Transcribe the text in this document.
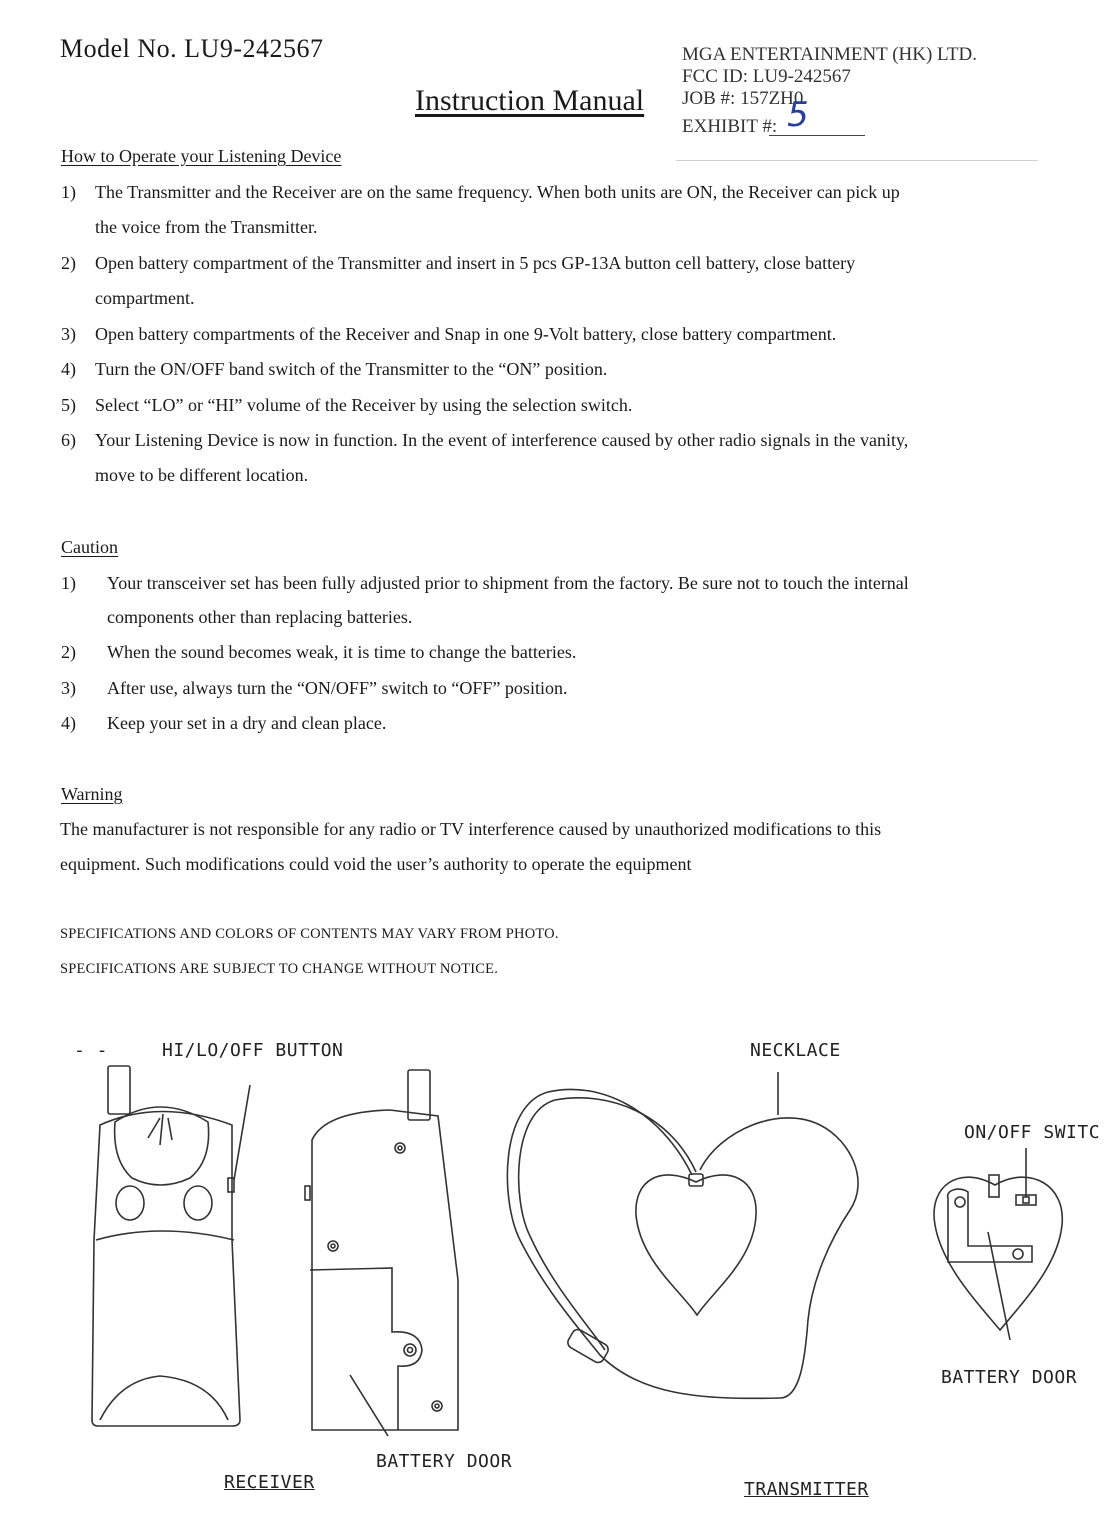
Model No. LU9-242567
Instruction Manual
MGA ENTERTAINMENT (HK) LTD.
FCC ID: LU9-242567
JOB #: 157ZH0
EXHIBIT #: 5
How to Operate your Listening Device
1) The Transmitter and the Receiver are on the same frequency. When both units are ON, the Receiver can pick up
the voice from the Transmitter.
2) Open battery compartment of the Transmitter and insert in 5 pcs GP-13A button cell battery, close battery
compartment.
3) Open battery compartments of the Receiver and Snap in one 9-Volt battery, close battery compartment.
4) Turn the ON/OFF band switch of the Transmitter to the “ON” position.
5) Select “LO” or “HI” volume of the Receiver by using the selection switch.
6) Your Listening Device is now in function. In the event of interference caused by other radio signals in the vanity,
move to be different location.
Caution
1) Your transceiver set has been fully adjusted prior to shipment from the factory. Be sure not to touch the internal
components other than replacing batteries.
2) When the sound becomes weak, it is time to change the batteries.
3) After use, always turn the “ON/OFF” switch to “OFF” position.
4) Keep your set in a dry and clean place.
Warning
The manufacturer is not responsible for any radio or TV interference caused by unauthorized modifications to this
equipment. Such modifications could void the user’s authority to operate the equipment
SPECIFICATIONS AND COLORS OF CONTENTS MAY VARY FROM PHOTO.
SPECIFICATIONS ARE SUBJECT TO CHANGE WITHOUT NOTICE.
- -	HI/LO/OFF BUTTON	NECKLACE
ON/OFF SWITC
BATTERY DOOR
BATTERY DOOR
RECEIVER	TRANSMITTER
